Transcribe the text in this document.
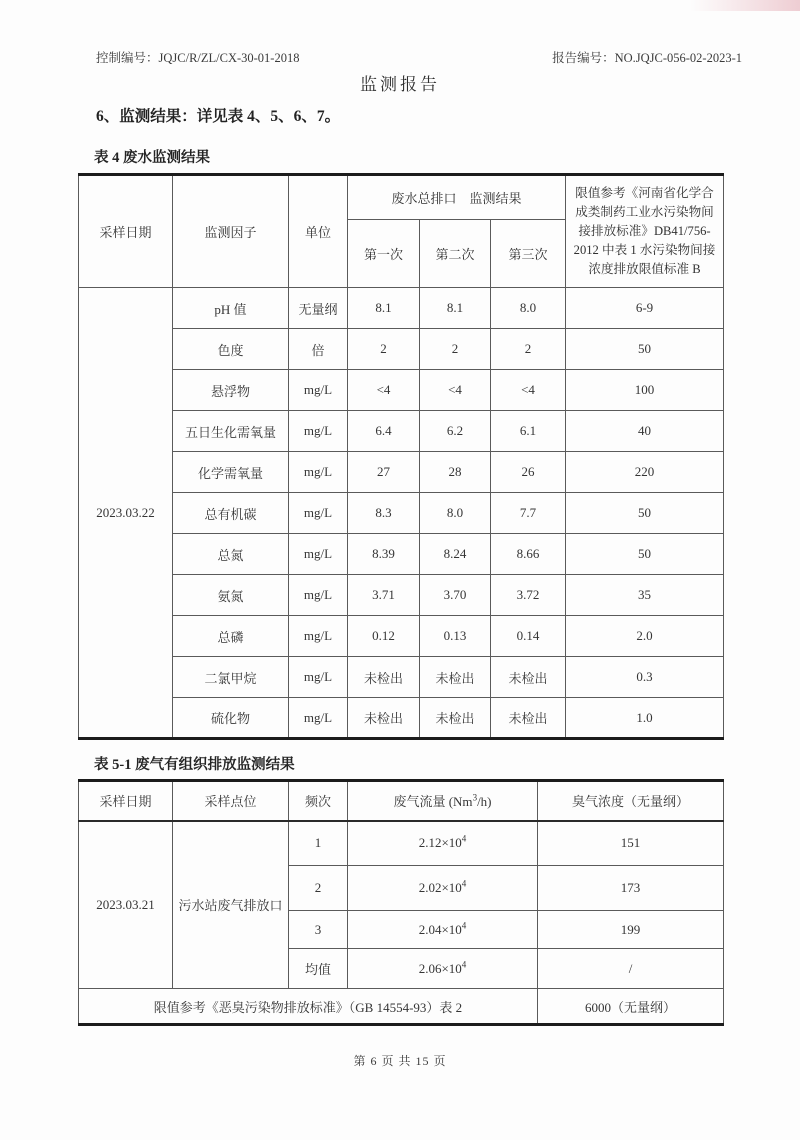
控制编号：JQJC/R/ZL/CX-30-01-2018	报告编号：NO.JQJC-056-02-2023-1
监测报告
6、监测结果：详见表 4、5、6、7。
表 4 废水监测结果
采样日期	监测因子	单位	废水总排口　监测结果			限值参考《河南省化学合成类制药工业水污染物间接排放标准》DB41/756-2012 中表 1 水污染物间接浓度排放限值标准 B
			第一次	第二次	第三次	
2023.03.22	pH 值	无量纲	8.1	8.1	8.0	6-9
	色度	倍	2	2	2	50
	悬浮物	mg/L	<4	<4	<4	100
	五日生化需氧量	mg/L	6.4	6.2	6.1	40
	化学需氧量	mg/L	27	28	26	220
	总有机碳	mg/L	8.3	8.0	7.7	50
	总氮	mg/L	8.39	8.24	8.66	50
	氨氮	mg/L	3.71	3.70	3.72	35
	总磷	mg/L	0.12	0.13	0.14	2.0
	二氯甲烷	mg/L	未检出	未检出	未检出	0.3
	硫化物	mg/L	未检出	未检出	未检出	1.0
表 5-1 废气有组织排放监测结果
采样日期	采样点位	频次	废气流量 (Nm$^3$/h)	臭气浓度（无量纲）
2023.03.21	污水站废气排放口	1	$2.12\times 10^4$	151
		2	$2.02\times 10^4$	173
		3	$2.04\times 10^4$	199
		均值	$2.06\times 10^4$	/
限值参考《恶臭污染物排放标准》（GB 14554-93）表 2				6000（无量纲）
第 6 页 共 15 页
